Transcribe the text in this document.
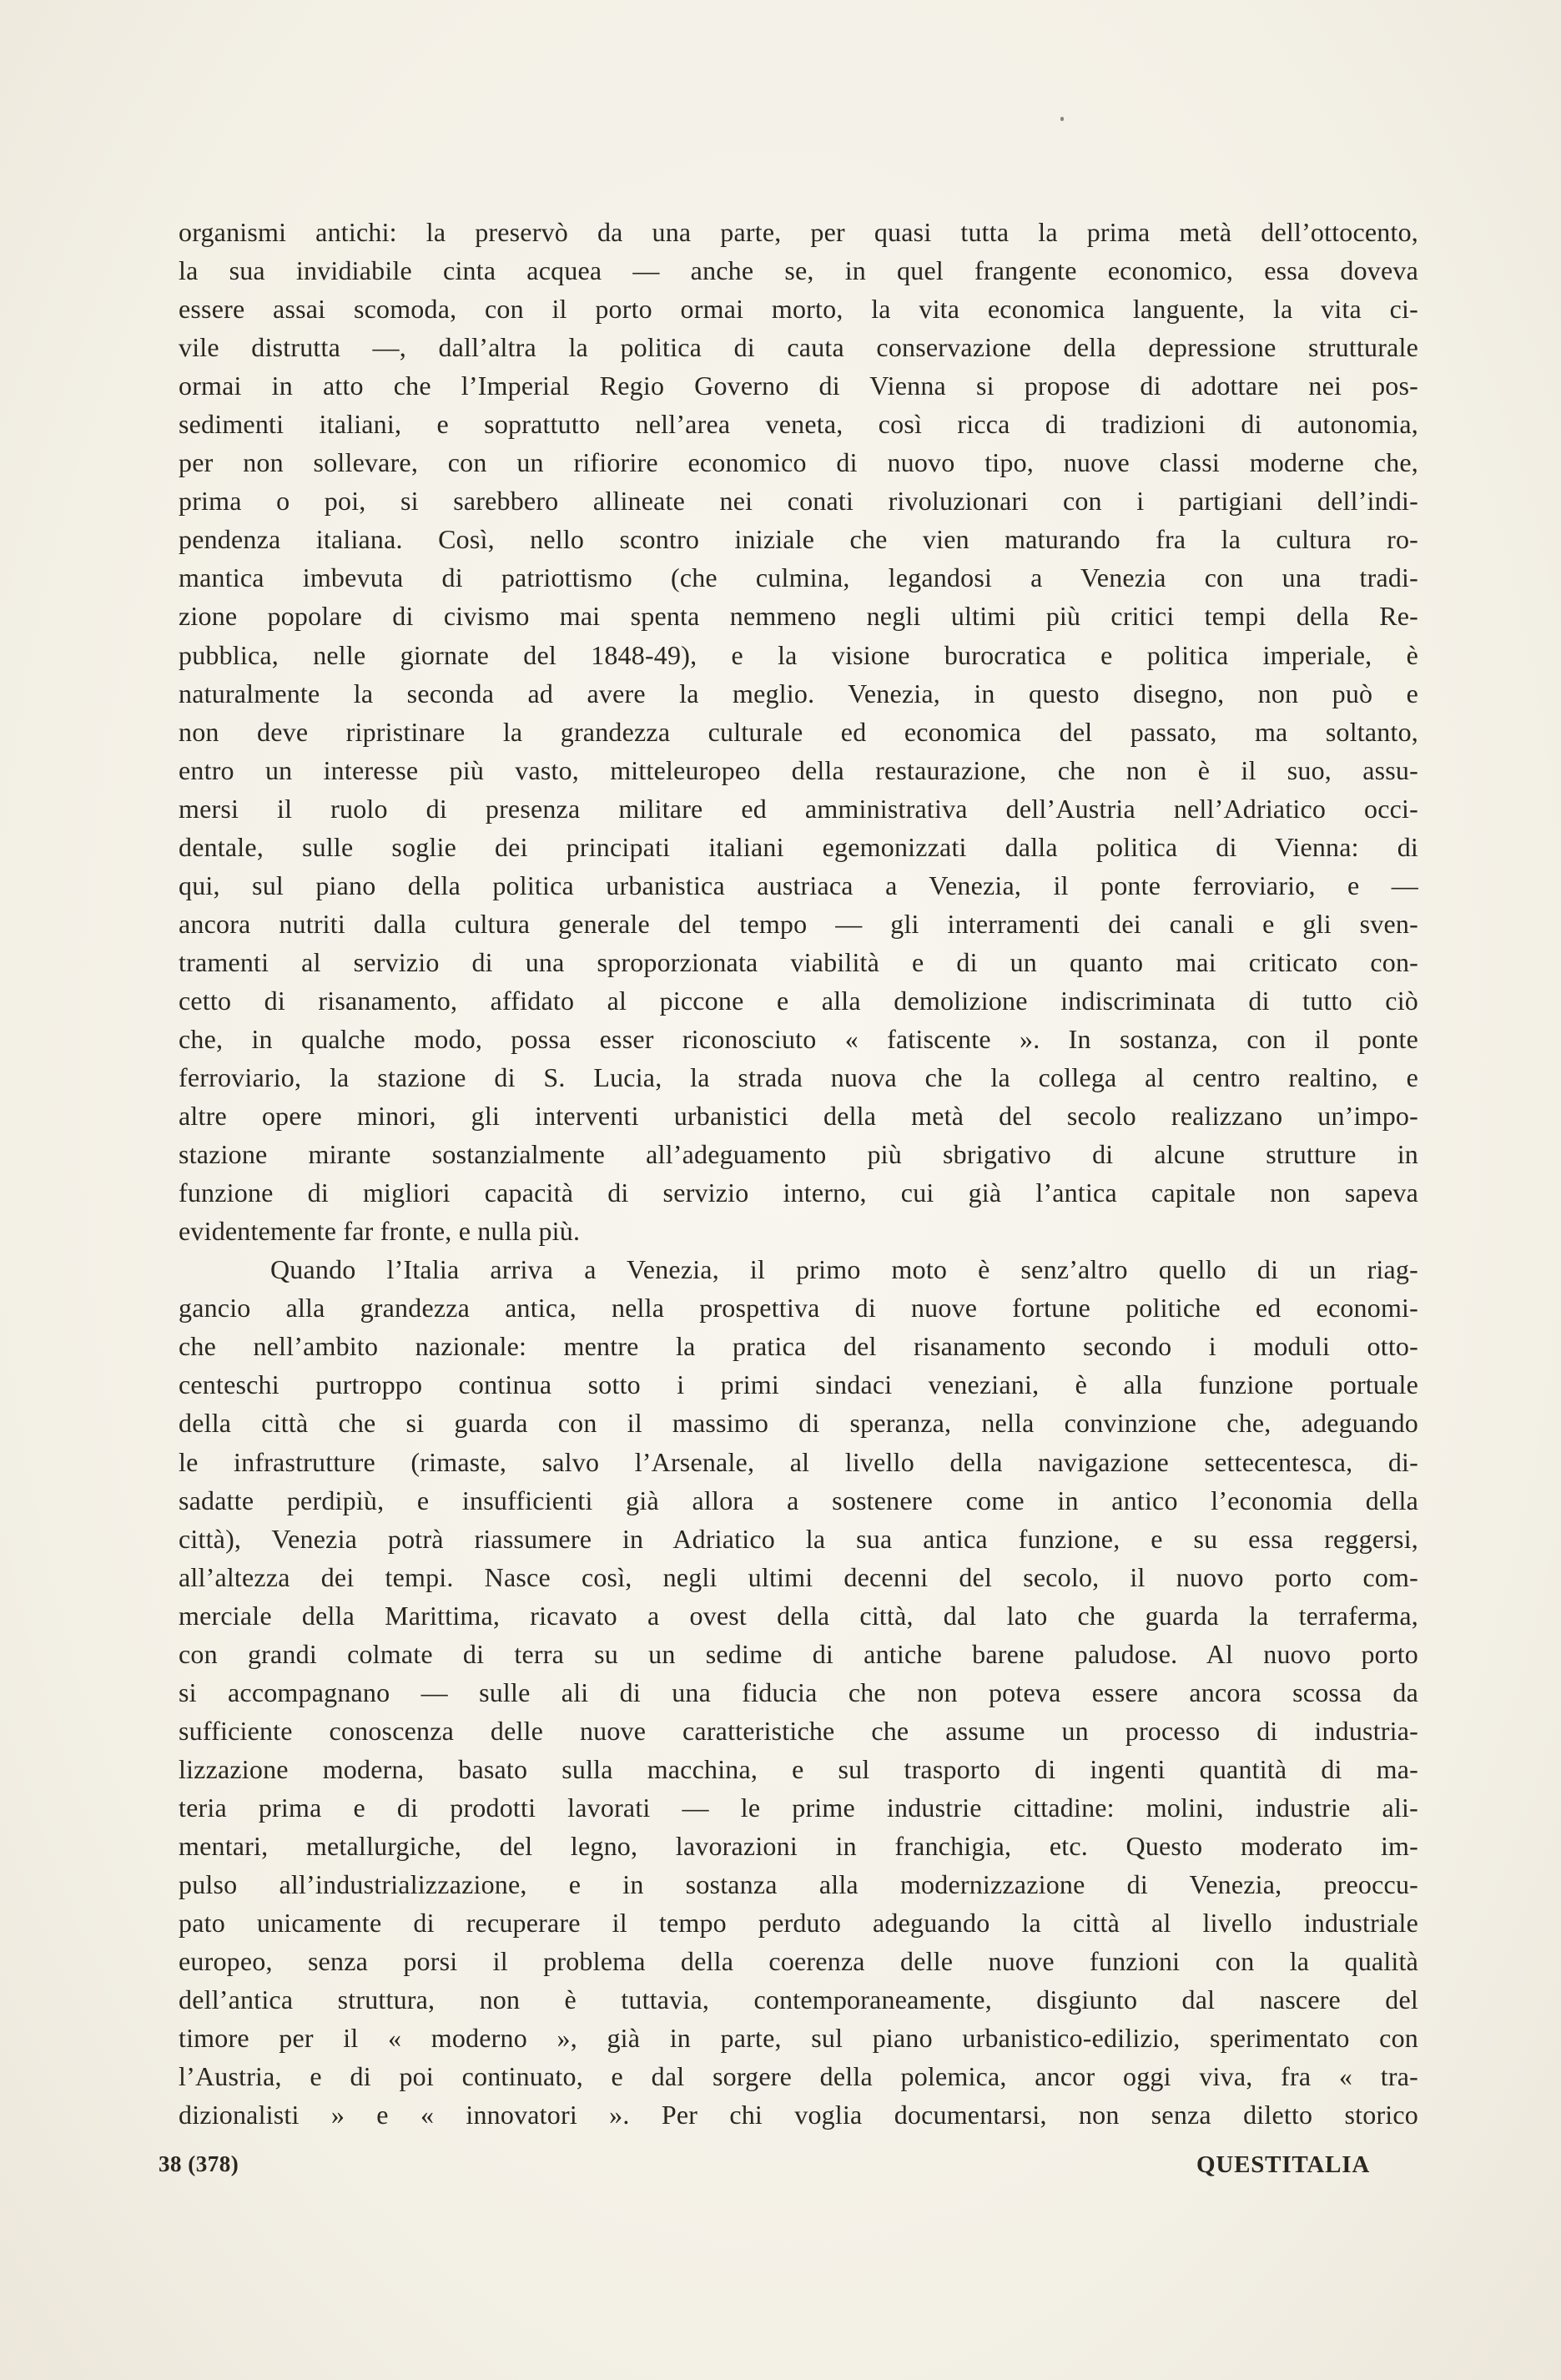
organismi antichi: la preservò da una parte, per quasi tutta la prima metà dell’ottocento,
la sua invidiabile cinta acquea — anche se, in quel frangente economico, essa doveva
essere assai scomoda, con il porto ormai morto, la vita economica languente, la vita ci-
vile distrutta —, dall’altra la politica di cauta conservazione della depressione strutturale
ormai in atto che l’Imperial Regio Governo di Vienna si propose di adottare nei pos-
sedimenti italiani, e soprattutto nell’area veneta, così ricca di tradizioni di autonomia,
per non sollevare, con un rifiorire economico di nuovo tipo, nuove classi moderne che,
prima o poi, si sarebbero allineate nei conati rivoluzionari con i partigiani dell’indi-
pendenza italiana. Così, nello scontro iniziale che vien maturando fra la cultura ro-
mantica imbevuta di patriottismo (che culmina, legandosi a Venezia con una tradi-
zione popolare di civismo mai spenta nemmeno negli ultimi più critici tempi della Re-
pubblica, nelle giornate del 1848-49), e la visione burocratica e politica imperiale, è
naturalmente la seconda ad avere la meglio. Venezia, in questo disegno, non può e
non deve ripristinare la grandezza culturale ed economica del passato, ma soltanto,
entro un interesse più vasto, mitteleuropeo della restaurazione, che non è il suo, assu-
mersi il ruolo di presenza militare ed amministrativa dell’Austria nell’Adriatico occi-
dentale, sulle soglie dei principati italiani egemonizzati dalla politica di Vienna: di
qui, sul piano della politica urbanistica austriaca a Venezia, il ponte ferroviario, e —
ancora nutriti dalla cultura generale del tempo — gli interramenti dei canali e gli sven-
tramenti al servizio di una sproporzionata viabilità e di un quanto mai criticato con-
cetto di risanamento, affidato al piccone e alla demolizione indiscriminata di tutto ciò
che, in qualche modo, possa esser riconosciuto « fatiscente ». In sostanza, con il ponte
ferroviario, la stazione di S. Lucia, la strada nuova che la collega al centro realtino, e
altre opere minori, gli interventi urbanistici della metà del secolo realizzano un’impo-
stazione mirante sostanzialmente all’adeguamento più sbrigativo di alcune strutture in
funzione di migliori capacità di servizio interno, cui già l’antica capitale non sapeva
evidentemente far fronte, e nulla più.
Quando l’Italia arriva a Venezia, il primo moto è senz’altro quello di un riag-
gancio alla grandezza antica, nella prospettiva di nuove fortune politiche ed economi-
che nell’ambito nazionale: mentre la pratica del risanamento secondo i moduli otto-
centeschi purtroppo continua sotto i primi sindaci veneziani, è alla funzione portuale
della città che si guarda con il massimo di speranza, nella convinzione che, adeguando
le infrastrutture (rimaste, salvo l’Arsenale, al livello della navigazione settecentesca, di-
sadatte perdipiù, e insufficienti già allora a sostenere come in antico l’economia della
città), Venezia potrà riassumere in Adriatico la sua antica funzione, e su essa reggersi,
all’altezza dei tempi. Nasce così, negli ultimi decenni del secolo, il nuovo porto com-
merciale della Marittima, ricavato a ovest della città, dal lato che guarda la terraferma,
con grandi colmate di terra su un sedime di antiche barene paludose. Al nuovo porto
si accompagnano — sulle ali di una fiducia che non poteva essere ancora scossa da
sufficiente conoscenza delle nuove caratteristiche che assume un processo di industria-
lizzazione moderna, basato sulla macchina, e sul trasporto di ingenti quantità di ma-
teria prima e di prodotti lavorati — le prime industrie cittadine: molini, industrie ali-
mentari, metallurgiche, del legno, lavorazioni in franchigia, etc. Questo moderato im-
pulso all’industrializzazione, e in sostanza alla modernizzazione di Venezia, preoccu-
pato unicamente di recuperare il tempo perduto adeguando la città al livello industriale
europeo, senza porsi il problema della coerenza delle nuove funzioni con la qualità
dell’antica struttura, non è tuttavia, contemporaneamente, disgiunto dal nascere del
timore per il « moderno », già in parte, sul piano urbanistico-edilizio, sperimentato con
l’Austria, e di poi continuato, e dal sorgere della polemica, ancor oggi viva, fra « tra-
dizionalisti » e « innovatori ». Per chi voglia documentarsi, non senza diletto storico
38 (378)	QUESTITALIA
